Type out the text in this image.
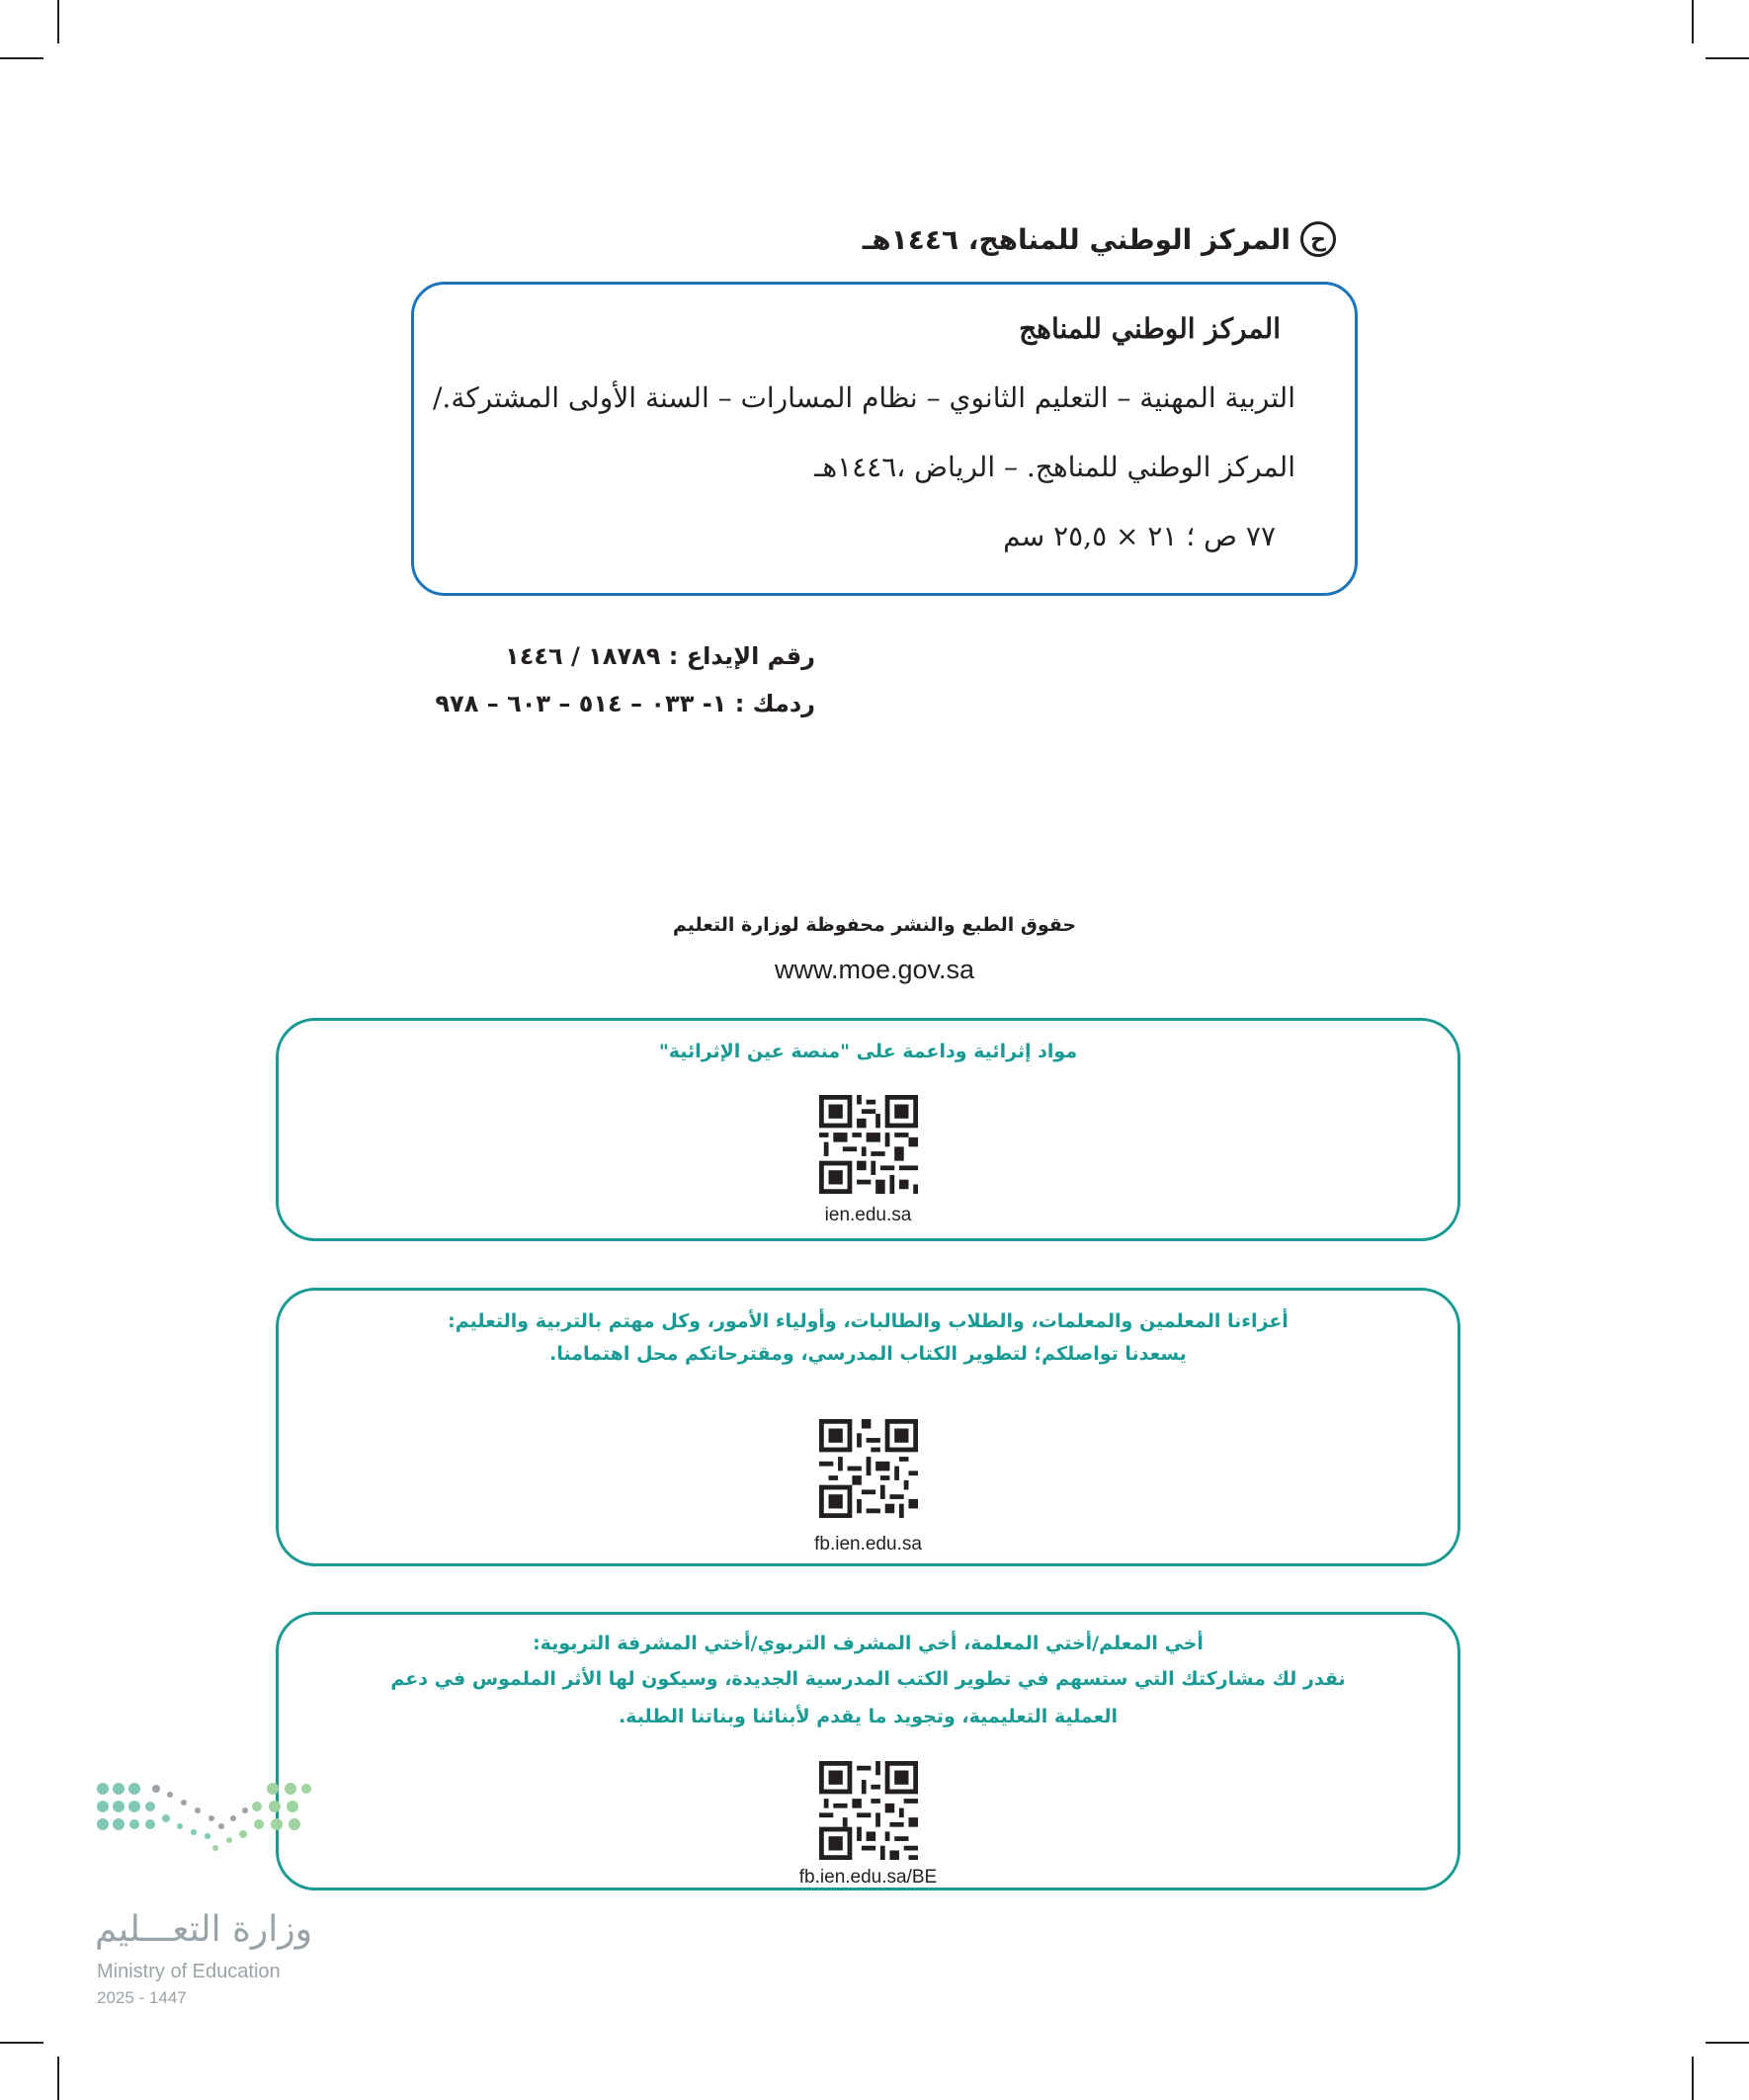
ح
المركز الوطني للمناهج، ١٤٤٦هـ
المركز الوطني للمناهج
التربية المهنية – التعليم الثانوي – نظام المسارات – السنة الأولى المشتركة./
المركز الوطني للمناهج. – الرياض ،١٤٤٦هـ
٧٧ ص ؛ ٢١ × ٢٥,٥ سم
رقم الإيداع : ١٨٧٨٩ / ١٤٤٦
ردمك : ١- ٠٣٣ – ٥١٤ – ٦٠٣ – ٩٧٨
حقوق الطبع والنشر محفوظة لوزارة التعليم
www.moe.gov.sa
مواد إثرائية وداعمة على "منصة عين الإثرائية"
ien.edu.sa
أعزاءنا المعلمين والمعلمات، والطلاب والطالبات، وأولياء الأمور، وكل مهتم بالتربية والتعليم:
يسعدنا تواصلكم؛ لتطوير الكتاب المدرسي، ومقترحاتكم محل اهتمامنا.
fb.ien.edu.sa
أخي المعلم/أختي المعلمة، أخي المشرف التربوي/أختي المشرفة التربوية:
نقدر لك مشاركتك التي ستسهم في تطوير الكتب المدرسية الجديدة، وسيكون لها الأثر الملموس في دعم
العملية التعليمية، وتجويد ما يقدم لأبنائنا وبناتنا الطلبة.
fb.ien.edu.sa/BE
وزارة التعـــليم
Ministry of Education
2025 - 1447
